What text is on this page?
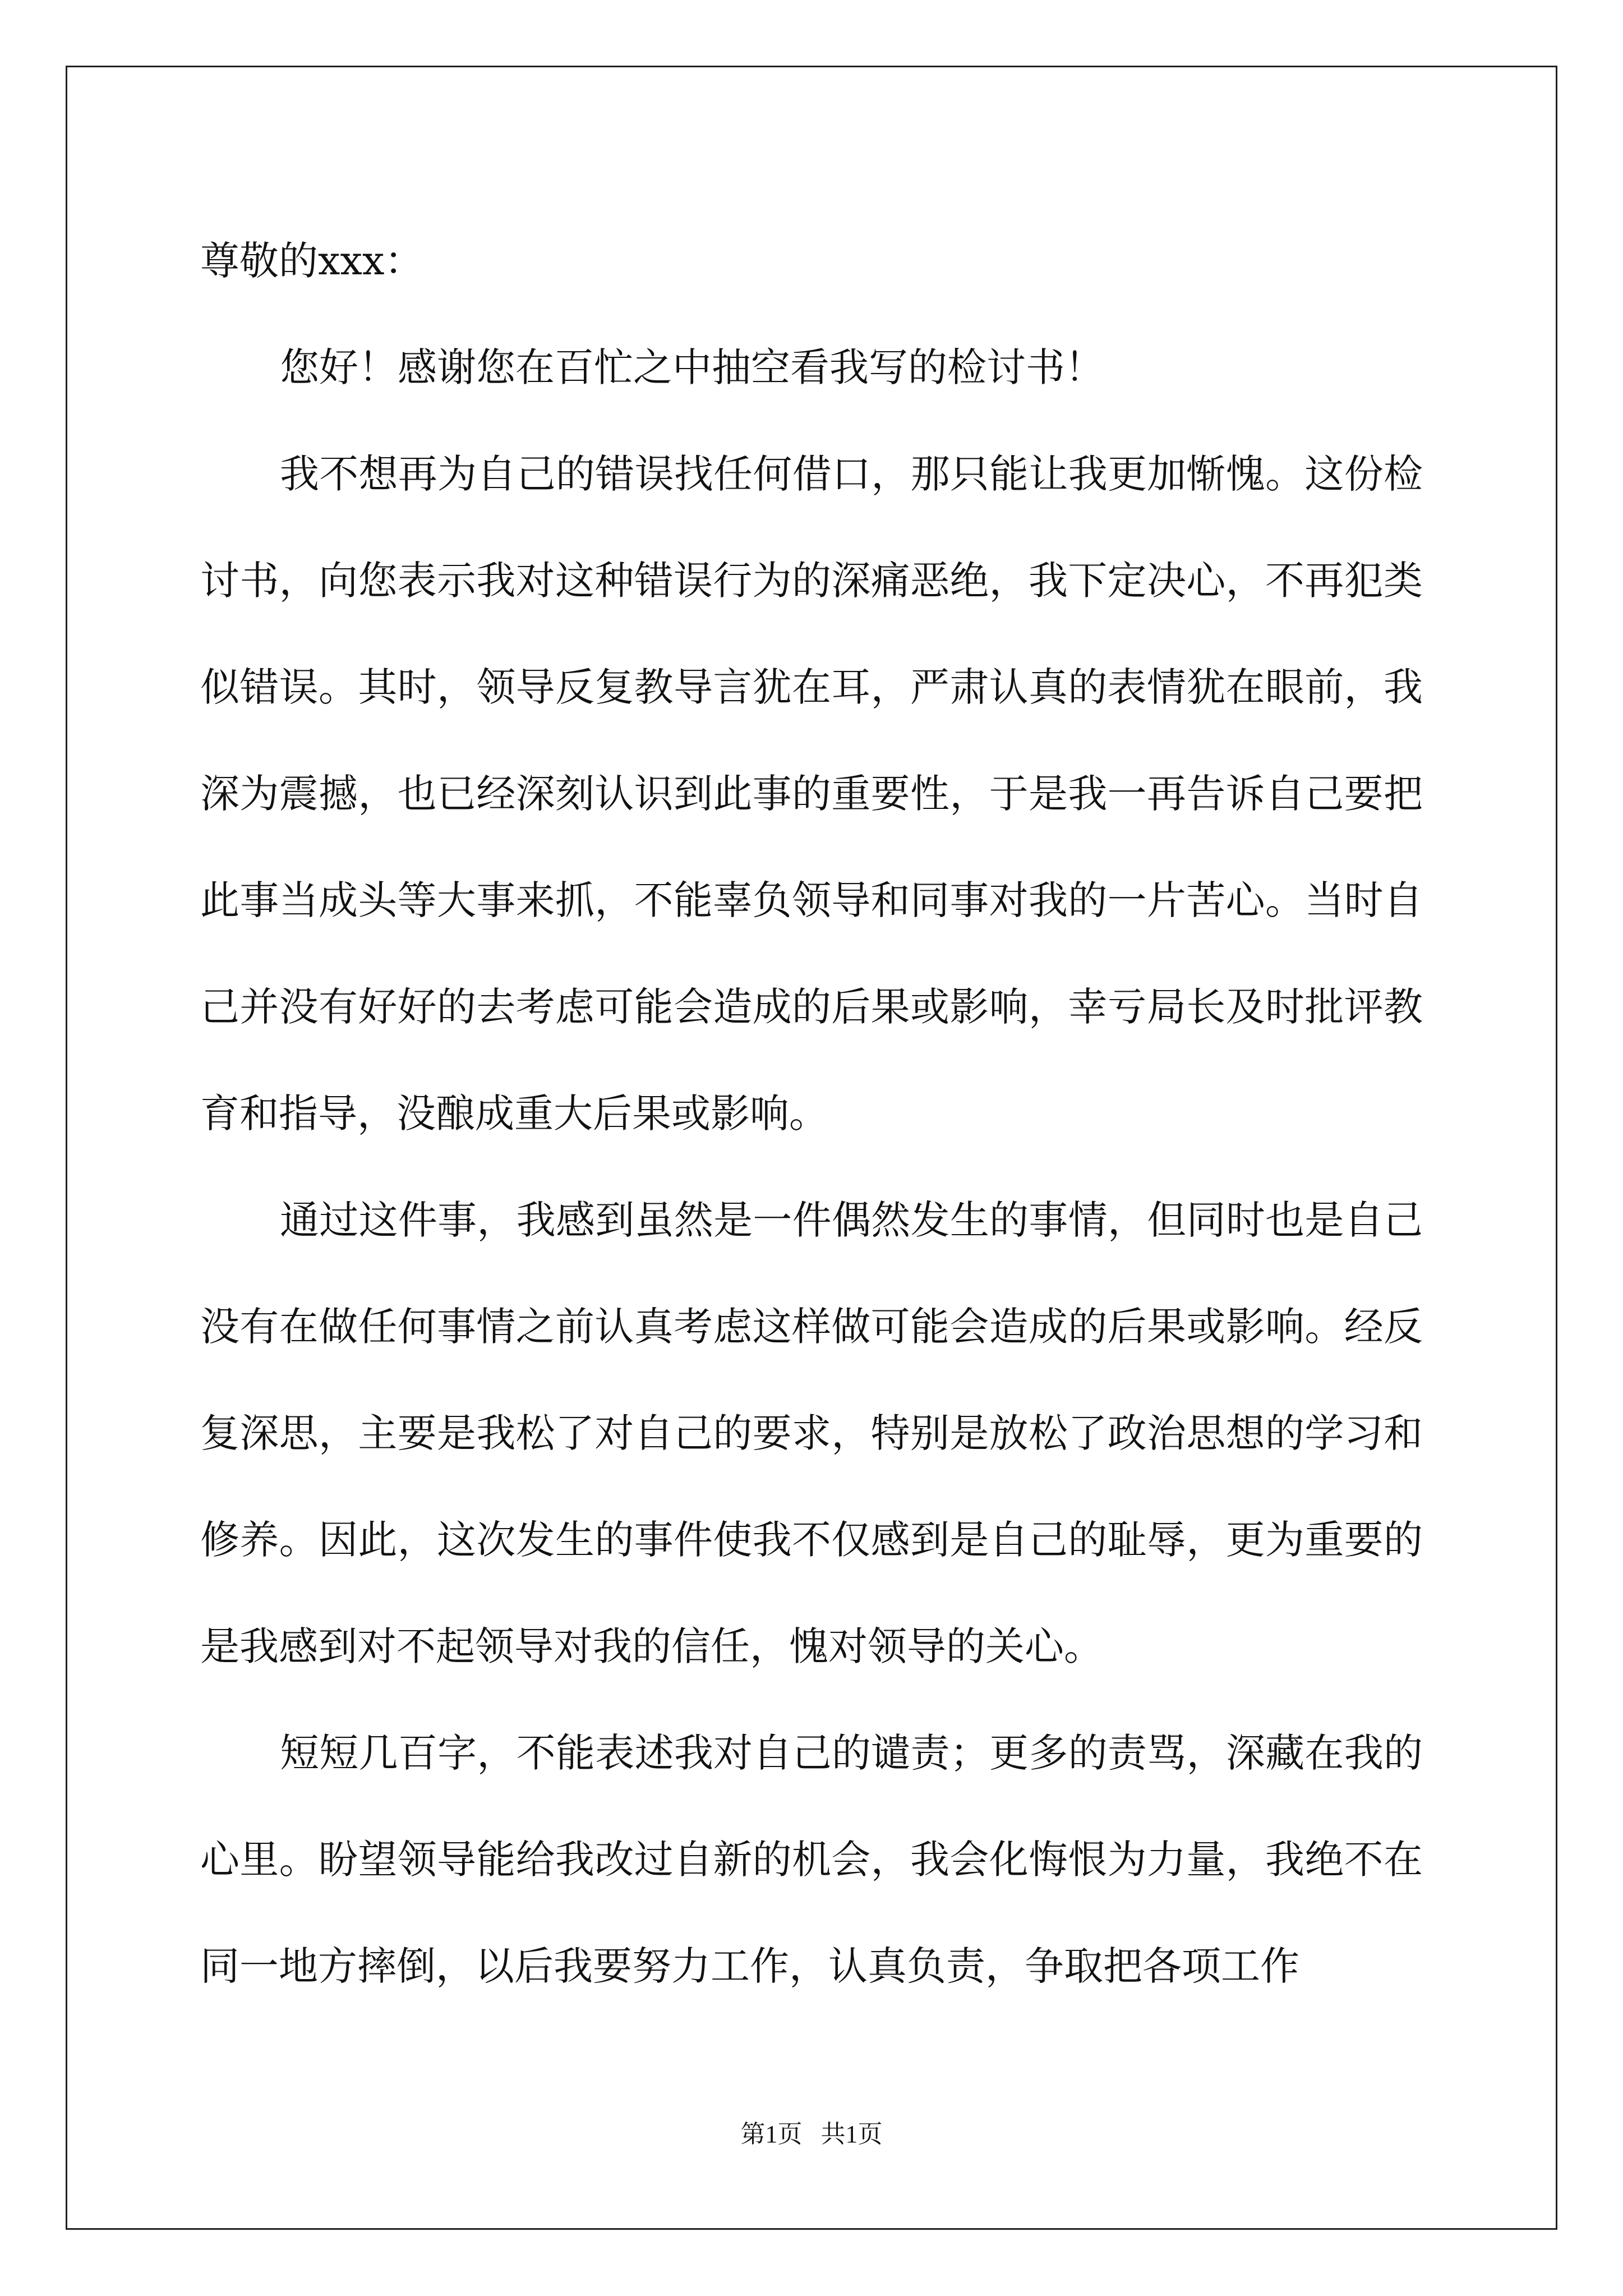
尊敬的xxx：

您好！感谢您在百忙之中抽空看我写的检讨书！

我不想再为自己的错误找任何借口，那只能让我更加惭愧。这份检讨书，向您表示我对这种错误行为的深痛恶绝，我下定决心，不再犯类似错误。其时，领导反复教导言犹在耳，严肃认真的表情犹在眼前，我深为震撼，也已经深刻认识到此事的重要性，于是我一再告诉自己要把此事当成头等大事来抓，不能辜负领导和同事对我的一片苦心。当时自己并没有好好的去考虑可能会造成的后果或影响，幸亏局长及时批评教育和指导，没酿成重大后果或影响。

通过这件事，我感到虽然是一件偶然发生的事情，但同时也是自己没有在做任何事情之前认真考虑这样做可能会造成的后果或影响。经反复深思，主要是我松了对自己的要求，特别是放松了政治思想的学习和修养。因此，这次发生的事件使我不仅感到是自己的耻辱，更为重要的是我感到对不起领导对我的信任，愧对领导的关心。

短短几百字，不能表述我对自己的谴责；更多的责骂，深藏在我的心里。盼望领导能给我改过自新的机会，我会化悔恨为力量，我绝不在同一地方摔倒，以后我要努力工作，认真负责，争取把各项工作

第1页   共1页
